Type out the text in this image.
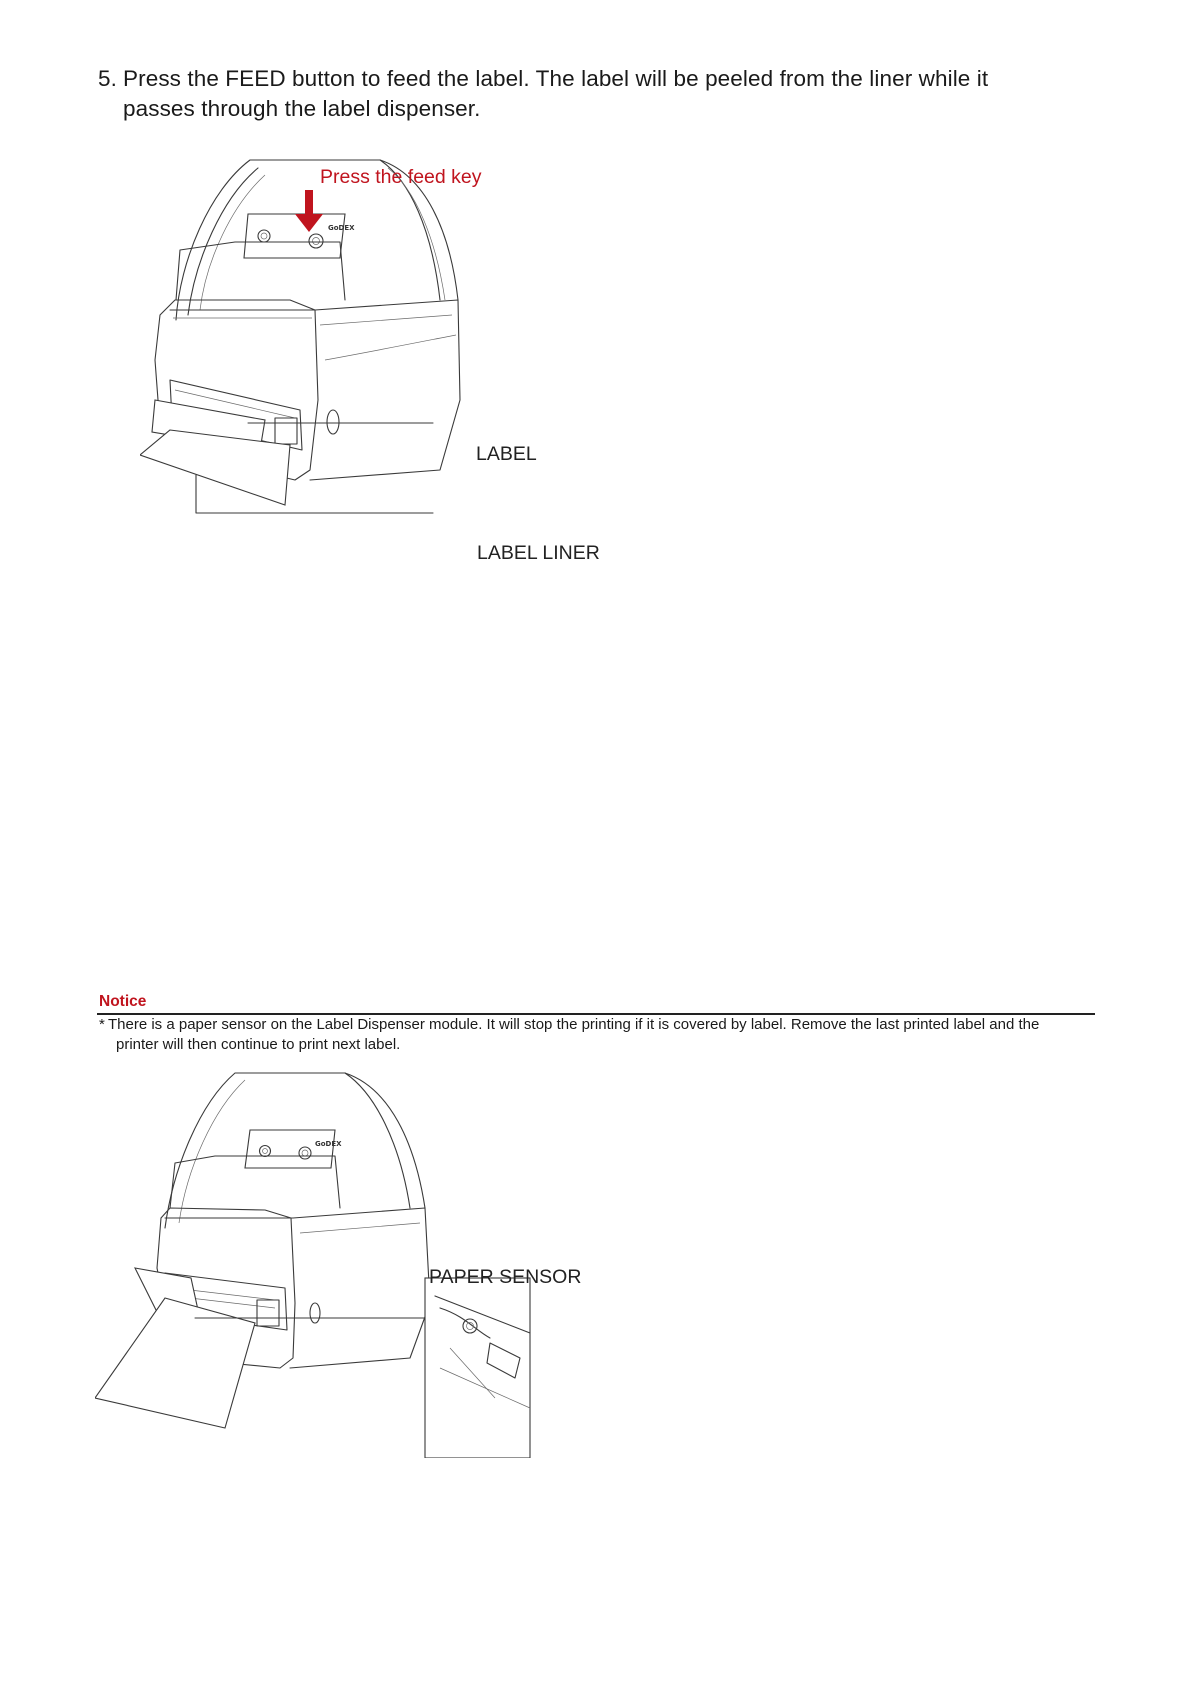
5. Press the FEED button to feed the label. The label will be peeled from the liner while it
passes through the label dispenser.
GoDEX
Press the feed key
LABEL
LABEL LINER
Notice
* There is a paper sensor on the Label Dispenser module. It will stop the printing if it is covered by label. Remove the last printed label and the
printer will then continue to print next label.
GoDEX
PAPER SENSOR
